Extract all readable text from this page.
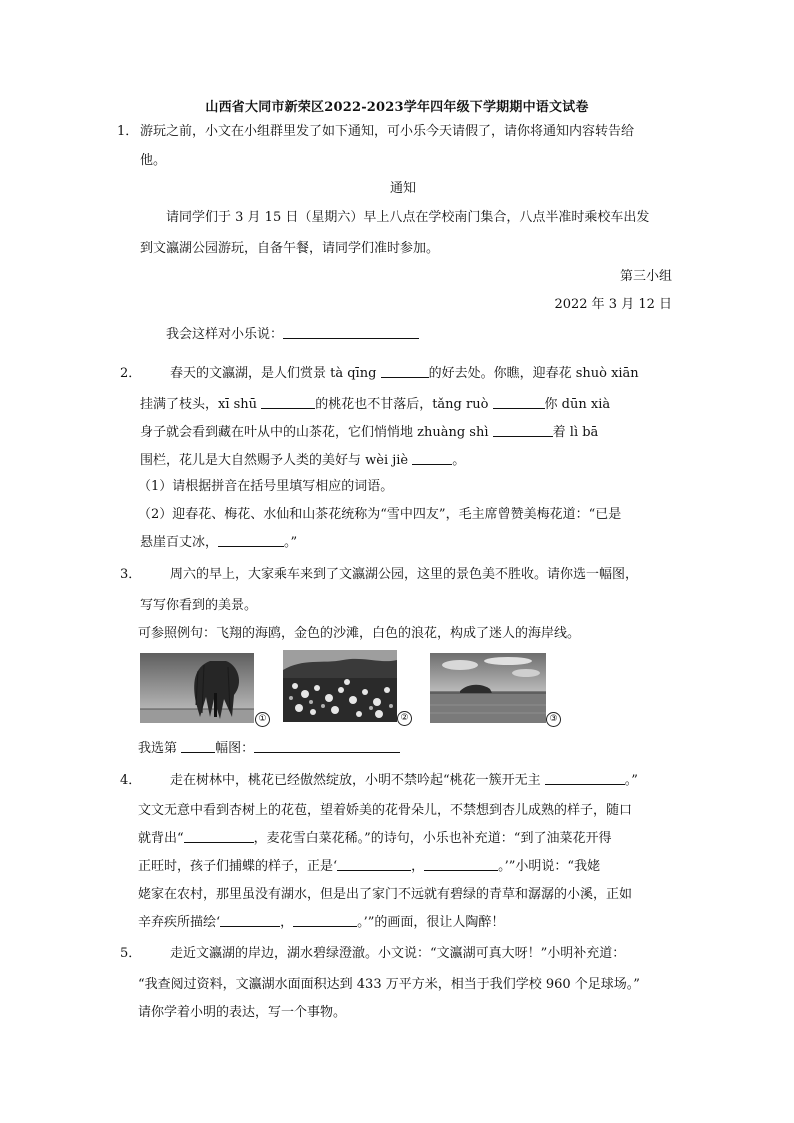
山西省大同市新荣区2022-2023学年四年级下学期期中语文试卷
1． 游玩之前，小文在小组群里发了如下通知，可小乐今天请假了，请你将通知内容转告给
他。
通知
请同学们于 3 月 15 日（星期六）早上八点在学校南门集合，八点半准时乘校车出发
到文瀛湖公园游玩，自备午餐，请同学们准时参加。
第三小组
2022 年 3 月 12 日
我会这样对小乐说：
2． 春天的文瀛湖，是人们赏景 tà qīng	的好去处。你瞧，迎春花 shuò xiān
挂满了枝头，xī shū	的桃花也不甘落后，tǎng ruò	你 dūn xià
身子就会看到藏在叶从中的山茶花，它们悄悄地 zhuàng shì	着 lì bā
围栏，花儿是大自然赐予人类的美好与 wèi jiè	。
（1）请根据拼音在括号里填写相应的词语。
（2）迎春花、梅花、水仙和山茶花统称为“雪中四友”，毛主席曾赞美梅花道：“已是
悬崖百丈冰，	。”
3． 周六的早上，大家乘车来到了文瀛湖公园，这里的景色美不胜收。请你选一幅图，
写写你看到的美景。
可参照例句：飞翔的海鸥，金色的沙滩，白色的浪花，构成了迷人的海岸线。
①	②	③
我选第	幅图：
4． 走在树林中，桃花已经傲然绽放，小明不禁吟起“桃花一簇开无主	。”
文文无意中看到杏树上的花苞，望着娇美的花骨朵儿，不禁想到杏儿成熟的样子，随口
就背出“	，麦花雪白菜花稀。”的诗句，小乐也补充道：“到了油菜花开得
正旺时，孩子们捕蝶的样子，正是‘	，	。’”小明说：“我姥
姥家在农村，那里虽没有湖水，但是出了家门不远就有碧绿的青草和潺潺的小溪，正如
辛弃疾所描绘‘	，	。’”的画面，很让人陶醉！
5． 走近文瀛湖的岸边，湖水碧绿澄澈。小文说：“文瀛湖可真大呀！”小明补充道：
“我查阅过资料，文瀛湖水面面积达到 433 万平方米，相当于我们学校 960 个足球场。”
请你学着小明的表达，写一个事物。
